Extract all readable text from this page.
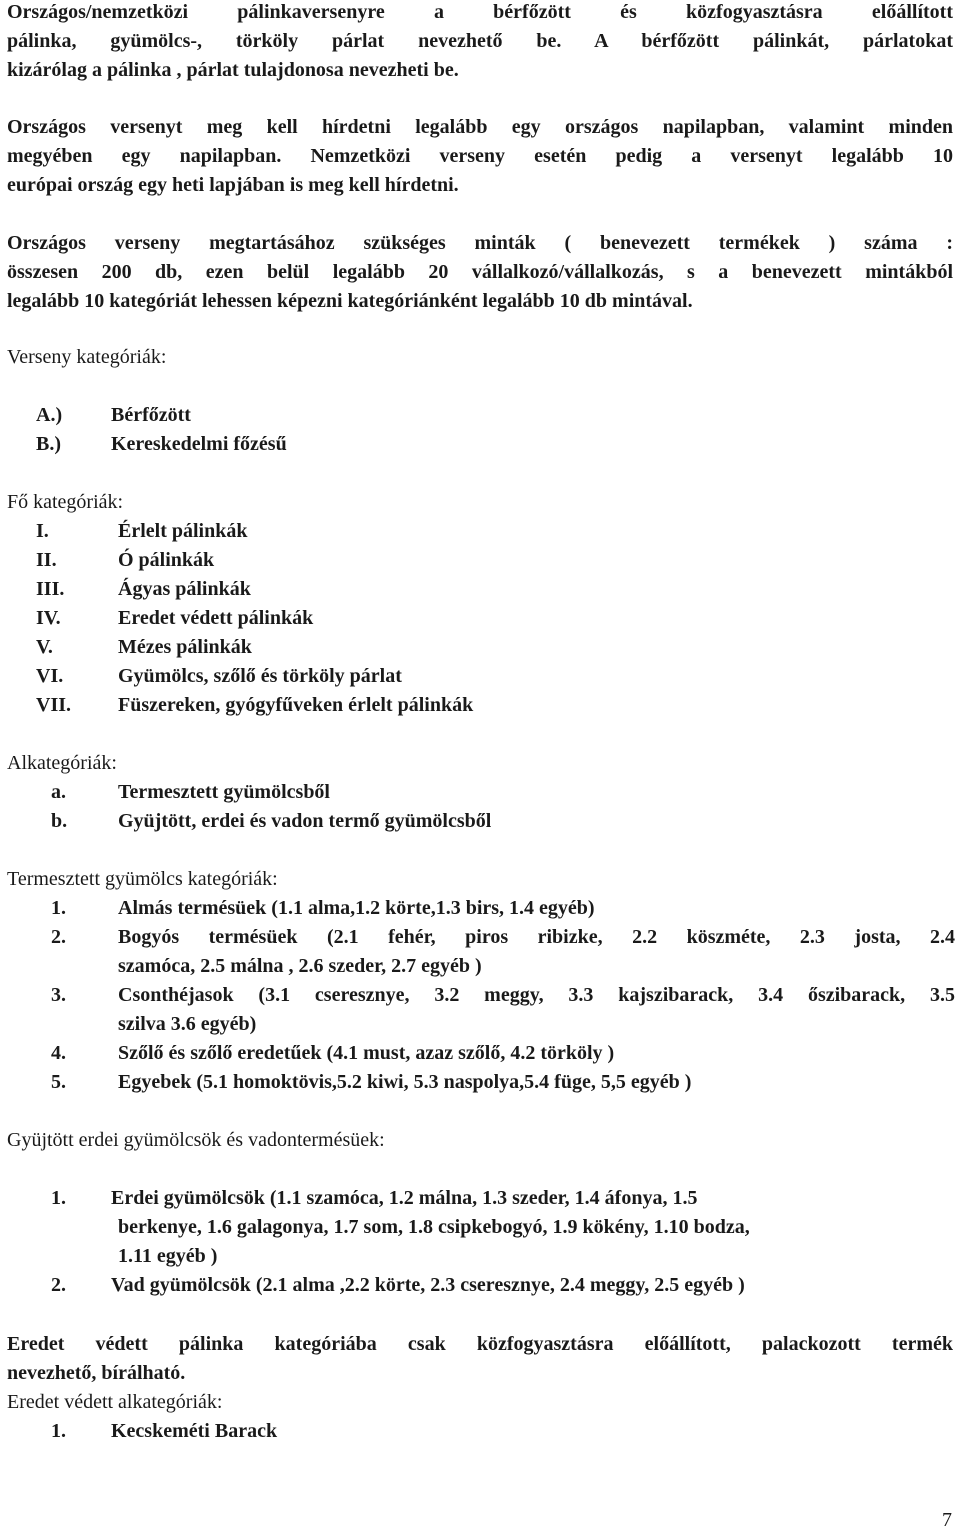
Országos/nemzetközi pálinkaversenyre a bérfőzött és közfogyasztásra előállított
pálinka, gyümölcs-, törköly párlat nevezhető be. A bérfőzött pálinkát, párlatokat
kizárólag a pálinka , párlat tulajdonosa nevezheti be.
Országos versenyt meg kell hírdetni legalább egy országos napilapban, valamint minden
megyében egy napilapban. Nemzetközi verseny esetén pedig a versenyt legalább 10
európai ország egy heti lapjában is meg kell hírdetni.
Országos verseny megtartásához szükséges minták ( benevezett termékek ) száma :
összesen 200 db, ezen belül legalább 20 vállalkozó/vállalkozás, s a benevezett mintákból
legalább 10 kategóriát lehessen képezni kategóriánként legalább 10 db mintával.
Verseny kategóriák:
A.) Bérfőzött
B.)	Kereskedelmi főzésű
Fő kategóriák:
I.	Érlelt pálinkák
II.	Ó pálinkák
III.	Ágyas pálinkák
IV.	Eredet védett pálinkák
V.	Mézes pálinkák
VI.	Gyümölcs, szőlő és törköly párlat
VII. Füszereken, gyógyfűveken érlelt pálinkák
Alkategóriák:
a.	Termesztett gyümölcsből
b.	Gyüjtött, erdei és vadon termő gyümölcsből
Termesztett gyümölcs kategóriák:
1.	Almás termésüek (1.1 alma,1.2 körte,1.3 birs, 1.4 egyéb)
2.	Bogyós termésüek (2.1 fehér, piros ribizke, 2.2 köszméte, 2.3 josta, 2.4
szamóca, 2.5 málna , 2.6 szeder, 2.7 egyéb )
3.	Csonthéjasok (3.1 cseresznye, 3.2 meggy, 3.3 kajszibarack, 3.4 őszibarack, 3.5
szilva 3.6 egyéb)
4.	Szőlő és szőlő eredetűek (4.1 must, azaz szőlő, 4.2 törköly )
5.	Egyebek (5.1 homoktövis,5.2 kiwi, 5.3 naspolya,5.4 füge, 5,5 egyéb )
Gyüjtött erdei gyümölcsök és vadontermésüek:
1. Erdei gyümölcsök (1.1 szamóca, 1.2 málna, 1.3 szeder, 1.4 áfonya, 1.5
berkenye, 1.6 galagonya, 1.7 som, 1.8 csipkebogyó, 1.9 kökény, 1.10 bodza,
1.11 egyéb )
2. Vad gyümölcsök (2.1 alma ,2.2 körte, 2.3 cseresznye, 2.4 meggy, 2.5 egyéb )
Eredet védett pálinka kategóriába csak közfogyasztásra előállított, palackozott termék
nevezhető, bírálható.
Eredet védett alkategóriák:
1. Kecskeméti Barack
7
